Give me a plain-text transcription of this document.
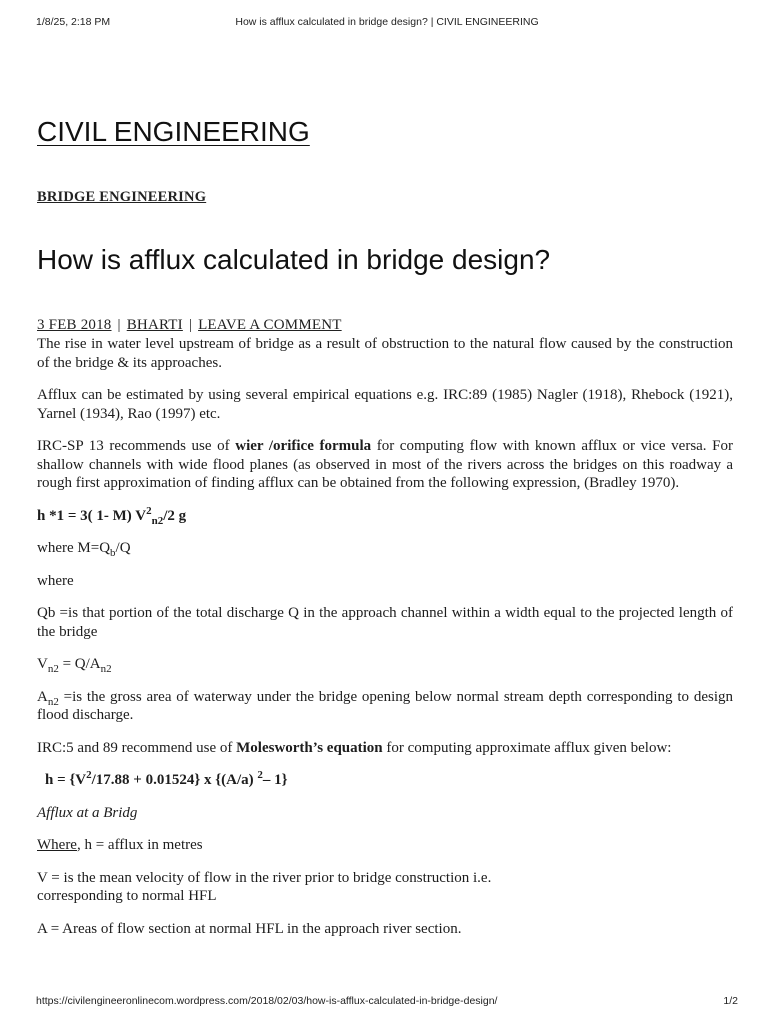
1/8/25, 2:18 PM	How is afflux calculated in bridge design? | CIVIL ENGINEERING
CIVIL ENGINEERING
BRIDGE ENGINEERING
How is afflux calculated in bridge design?
3 FEB 2018 | BHARTI | LEAVE A COMMENT

The rise in water level upstream of bridge as a result of obstruction to the natural flow caused by the construction of the bridge & its approaches.

Afflux can be estimated by using several empirical equations e.g. IRC:89 (1985) Nagler (1918), Rhebock (1921), Yarnel (1934), Rao (1997) etc.

IRC-SP 13 recommends use of wier /orifice formula for computing flow with known afflux or vice versa. For shallow channels with wide flood planes (as observed in most of the rivers across the bridges on this roadway a rough first approximation of finding afflux can be obtained from the following expression, (Bradley 1970).

h *1 = 3( 1- M) $V^2_{n2}/2$ g

where $M=Q_b/Q$

where

Qb =is that portion of the total discharge Q in the approach channel within a width equal to the projected length of the bridge

$V_{n2} = Q/A_{n2}$

$A_{n2} =is$ the gross area of waterway under the bridge opening below normal stream depth corresponding to design flood discharge.

IRC:5 and 89 recommend use of Molesworth’s equation for computing approximate afflux given below:

$h = \{V^2/17.88 + 0.01524\}$ x {(A/a) $^2$– 1}

Afflux at a Bridg

Where, h = afflux in metres

V = is the mean velocity of flow in the river prior to bridge construction i.e.
corresponding to normal HFL

A = Areas of flow section at normal HFL in the approach river section.

https://civilengineeronlinecom.wordpress.com/2018/02/03/how-is-afflux-calculated-in-bridge-design/	1/2
